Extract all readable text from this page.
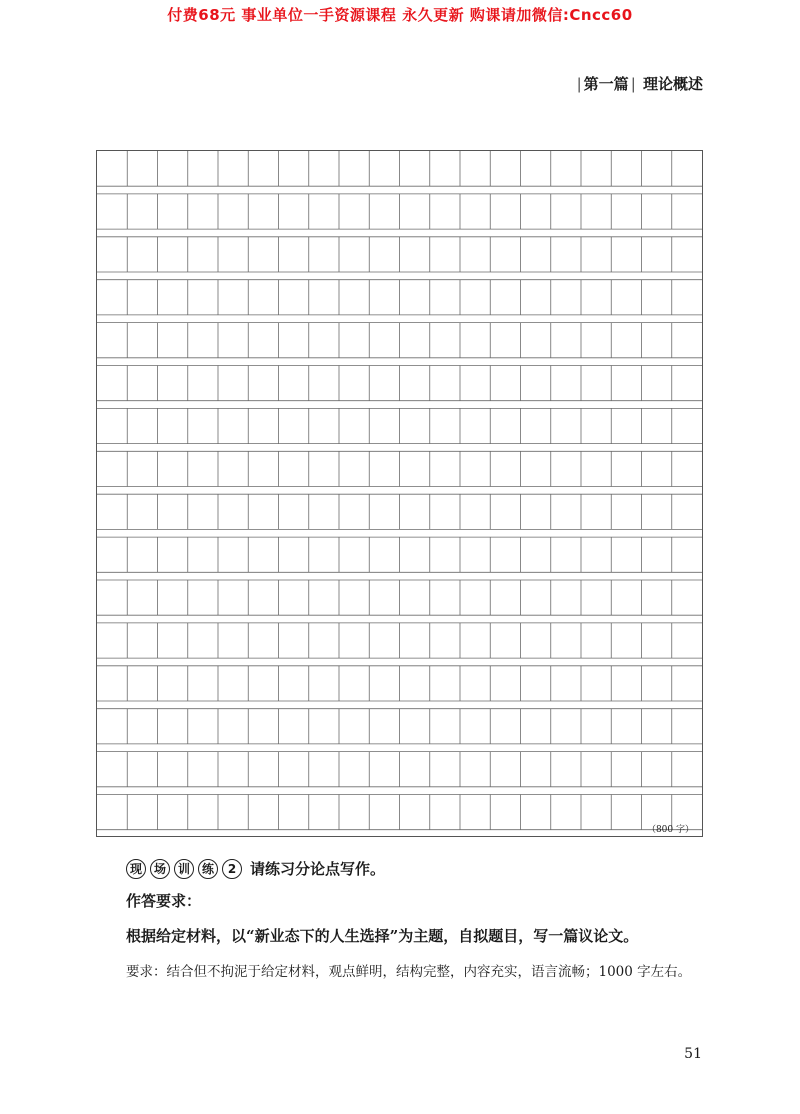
付费68元 事业单位一手资源课程 永久更新 购课请加微信:Cncc60
| 第一篇 | 理论概述
（800 字）
现 场 训 练	2 请练习分论点写作。
作答要求：
根据给定材料，以“新业态下的人生选择”为主题，自拟题目，写一篇议论文。
要求：结合但不拘泥于给定材料，观点鲜明，结构完整，内容充实，语言流畅；1000 字左右。
51
